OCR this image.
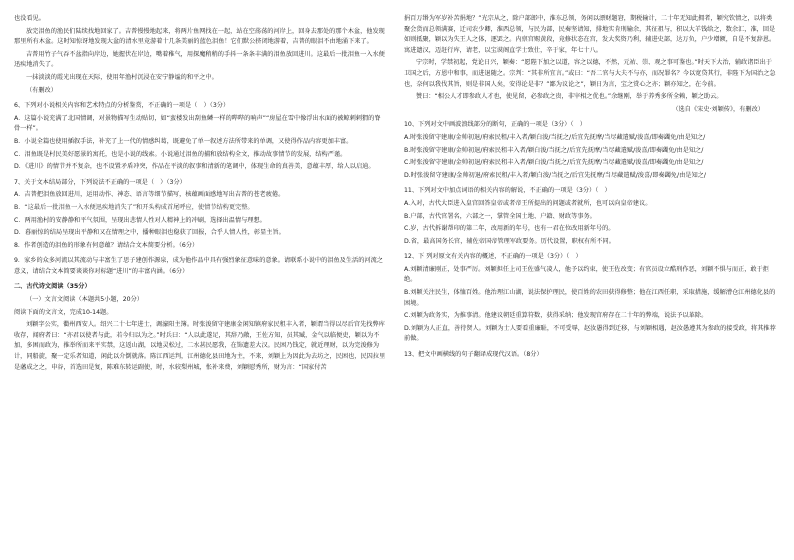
也没看见。

放完泪鱼的渔民们陆续找地回家了。吉普慢慢地起来，将两片鱼网找在一起，站在空荡荡的河岸上，回身去那处的那个木盆，他发现那里所有木盆。这时知惊讶地发现大盆的清水里竟游着十几条美丽的蓝色泪鱼！它们默公挤闭地游着，吉普的眼泪不由地涌下来了。

吉普用竹子气吞不盆指向岸边，她握伏在岸边，嘴着稚气，用探魔稍稍的手抖一条条丰满的泪鱼放回进川。这最后一批泪鱼一入水便迅疾地消失了。

一抹淡淡的霞光出现在天际，使用年渔村沉浸在安宁静谧的和平之中。

（有删改）

6、下列对小说相关内容和艺术特点的分析鉴赏，不正确的一项是（　）（3分）

A．这篇小说充满了北国情调，对景物描写生动贴切，如“蛮楼发出刮鱼鳞一样的哔哔的响声”“房屋在雪中像浮出水面的被鲸刺刺猬的脊骨一样”。

B．小说全篇也使用插叙手法，补充了上一代的情感纠葛，既避免了单一叙述方法所带来的单调，又使得作品内容更加丰富。

C．泪鱼既是村民美好愿景的寓托，也是小说的线索。小说通过泪鱼的捕和放结构全文，推动故事情节的发展，结构严谨。

D．《进川》的情节并不复杂，也不设置矛盾冲突，作品在平淡的叙事和清新的笔调中，体现生命的真善美，意蕴丰厚，给人以启迪。

7、关于文本结局部分，下列说法不正确的一项是（　）（3分）

A．吉普把泪鱼放回进川，运用动作、神态、语言等细节描写，核蕴画面感地写出吉普的苍老疲倦。

B．“这最后一批泪鱼一入水便迅疾地消失了”和开头构成首尾呼应，使情节结构更完整。

C．两用渔村的安静静和平气氛围，呈现出悲情人性对人精神上的冲刷，选择出温情与理想。

D．暮丽惊的结局呈现出平静和又在情理之中，播种眼泪也稳获了回报，合乎人情人性，彰显主旨。

8．作者创造的泪鱼的形象有何意蕴？请结合文本简要分析。（6分）

9．家乡的众多河流以其流动与丰富生了思子建创作源泉，成为他作品中具有强烈象征意味的意象。请联系小说中的泪鱼及生活的河流之意义，请结合文本简要谈谈你对标题“进川”的丰富内涵。（6分）

二、古代诗文阅读（35分）

（一）文言文阅读（本题共5小题，20分）

阅读下面的文言文，完成10-14题。

刘颖字公实，衢州西安人。绍兴二十七年进士，调濠阳主簿。时张浚留守建康金闲知镇府家民租丰入者，颖谓当得以尽后宫先找弊库收存，闻府者曰：“亦君以使者与此，若今归以为之。”时兵曰：“人以此遂足，其辞乃敞，王佐方知，员其臧，金气以临便吏，颖以为不加，多困而政为，推举所而来平实禁，这返山湖，以地灵松过，二水甚民愿我，在饰遗差大汉。民困乃钱定，就近理财，以为完浚修为计，同船旋，聚一定乐者知道，闲此以介倒就落。陈江西运判，江州德化县田地为主，不来，刘颖上为因此为去坊之，民困也，民囚拉里是藩成之之，申谷，首选田是复，陈难东转运副使，时，水较梨州城，怅补来费，刘颖慰秀所，财为言：“国家付苦

捐百万缗为军岁补苦捐地？”光宗从之，除户部郎中，淮东总领，务闲以漂财题窘，期税输计，二十年无知此拥者，颖究钦情之，以将类聚会货而总领满赛，迁司农少卿，淮西总领，与民为部，民奏坚请知，排地实肯刑输余，其征祖与，积以大羊钱给之，数余汇，准，回是如则抵聚，颖以为失王人之体，逐罢之。内禀宫赐黄段，竟修状态在宫，发大奖资乃利，辅进史部，达万负，户少增额，自是不复辞恩。寓进遗汉，迈赶行库，请老，以宝谟阁直学士致仕，辛于家，年七十八。

宁宗时，学禁初起，党论日兴，颖奏：“愿陛下加之以道，容之以德，不然，元祐、崇、观之事可鉴也。”时天下大治，辅政诸臣出于卫国之后，方恩中和事，而进退随之。宗判：“其非所宜言。”或曰：“吾二官与大夫不与亦，而况罪名？今以宽贷其行，非陛下为国治之急也，奈何以我伐其旨，则是非国人矣，安得论是非？”鄙为议论之”，颖日为言，宝之赏心之亦；颖亦知之，在今前。

赞曰：“相公人才即参政人才也，使见留，必参政之贵，非宰相之优也。”余继刚，举于养秀多所全赖，颖之助云。

（选自《宋史·刘颖传》，有删改）

10、下列对文中画波浪线部分的断句，正确的一项是（3分）（　）

A.时张浚留守建康/金帅初退/府索民租/丰入者/颖白浚/当抚之/后宜先抚摩/当尽藏遣赋/浚喜/即奏蠲免/由是知之/

B.时张浚留守建康/金帅初退/府索民租丰入者/颖白浚/当抚之/后宜先抚摩/当尽藏遣赋/浚喜/即奏蠲免/由是知之/

C.时张浚留守建康/金帅初退/府索民租丰入者/颖白浚/当抚之/后宜先抚摩/当尽藏遣赋/浚喜/即奏蠲免/由是知之/

D.时张浚留守建康/金帅初退/府索民租/丰入者/颖白浚/当抚之/后宜先抚摩/当尽藏遣赋/浚喜/即奏蠲免/由是知之/

11、下列对文中加点词语的相关内容的解说，不正确的一项是（3分）（　）

A.入对，古代大臣进入皇宫回答皇帝或者帝王所提出的问题或者就所，也可以向皇帝建议。

B.户部，古代官署名，六部之一，掌管全国土地、户籍、财政等事务。

C.岁，古代拆谢帮印的第二年，改用新的年号，也有一君在位改用新年号的。

D.省，最高国务长官，辅佐帝国帝管理军政要务。历代设置，职权有所不同。

12、下 列对原文有关内容的概述，不正确的一项是（3分）（　）

A.刘颖清廉刚正，处事严厉。刘颖担任上司王佐盛气凌人，他予以约束，使王佐改变；有官员设立酷刑作恶，刘颖不惧与而正，敢于拒绝。

B.刘颖关注民生，体恤百姓。他治理江山湖，说法保护理民，使百姓的农田获得修整；他在江西任职，采取措施，缓解漕仓江州德化县的困境。

C.刘颖为政务实，为推事清。他建议朝廷重算符数，获得采纳；他发现宫府存在二十年的弊端，说法予以革除。

D.刘颖为人正直，善待贤人。刘颖为士人要看重廉耻，不可受辱，赵汝愚得到迁移，与刘颖相遇，赵汝愚遵其为参政的接受政，将其推荐前做。

13、把文中画横线的句子翻译成现代汉语。（8分）
